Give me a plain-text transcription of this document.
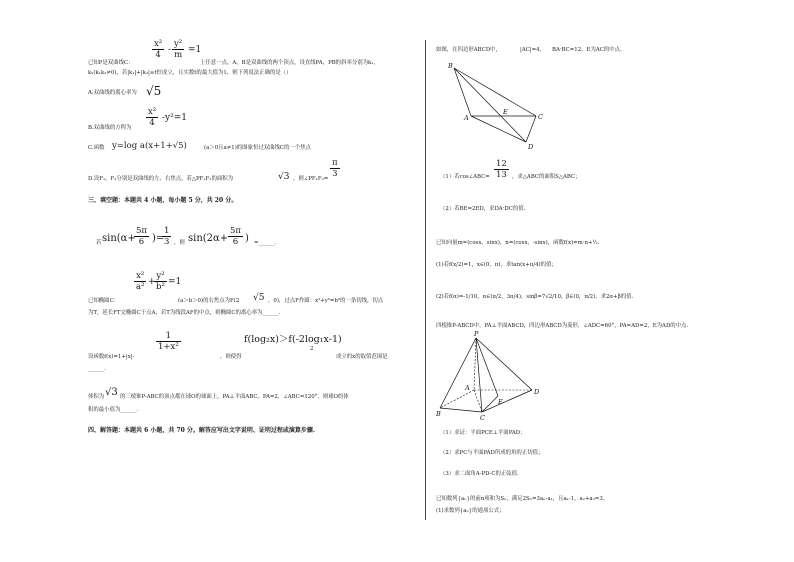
$\frac{\text{x²}}{4} - \frac{\text{y²}}{m} =1$
已知P是双曲线C：	上任意一点，A，B是双曲线的两个顶点，设直线PA，PB的斜率分别为k₁，
k₂(k₁k₂≠0)，若|k₁|+|k₂|≥t恒成立，且实数t的最大值为1，则下列说法正确的是（）
A.双曲线的离心率为 √5
$\frac{\text{x²}}{4} -y^2=1$
B.双曲线的方程为
C.函数 y=log a(x+1+√5)	(a＞0且a≠1)的图象恒过双曲线C的一个焦点
D.设F₁，F₂分别是双曲线的左、右焦点，若△PF₁F₂的面积为	√3 ，则∠PF₁F₂= $\frac{\pi}{3}$
三、填空题：本题共 4 小题，每小题 5 分，共 20 分。
若 sin(α+
$\frac{5\pi}{6}$ )=
$\frac{1}{3}$ ，则 $\sin(2\alpha+ \frac{5\pi}{6}$ ) =______.
$\frac{\text{x²}}{\text{a²}}$ +
$\frac{\text{y²}}{\text{b²}} =1$
已知椭圆C：	(a＞b＞0)的右焦点为F(2 √5 ，0)，过点F作圆：x²+y²=b²的一条切线，切点
为T，延长FT交椭圆C于点A，若T为线段AF的中点，则椭圆C的离心率为______.
$\frac{1}{\text{1+x²}}$	f(log₂x)＞f(-2log₁x-1)
2
设函数f(x)=1+|x|-	，则使得	成立的x的取值范围是
______.
体积为 √3 的三棱锥P-ABC的顶点都在球O的球面上，PA⊥平面ABC，PA=2，∠ABC=120°，则球O的体
积的最小值为______.
四、解答题：本题共 6 小题，共 70 分。解答应写出文字说明、证明过程或演算步骤.
如图，在四边形ABCD中，	|AC|=4， BA·BC=12，E为AC的中点.
B
A
E
C
D
（1）若cos∠ABC= $\frac{12}{13}$ ，求△ABC的面积S△ABC；
（2）若BE=2ED，求DA·DC的值.
已知向量m=(cosx，sinx)，n=(cosx，-sinx)，函数f(x)=m·n+½.
(1)若f(x/2)=1，x∈(0，π)，求tan(x+π/4)的值；
(2)若f(α)=-1/10，α∈(π/2，3π/4)，sinβ=7√2/10，β∈(0，π/2)，求2α+β的值.
四棱锥P-ABCD中，PA⊥平面ABCD，四边形ABCD为菱形，∠ADC=60°，PA=AD=2，E为AD的中点.
P
A
B	C
D
E
（1）求证：平面PCE⊥平面PAD；
（2）求PC与平面PAD所成的角的正切值；
（3）求二面角A-PD-C的正弦值.
已知数列{aₙ}的前n项和为Sₙ，满足2Sₙ=3aₙ-a₁，且a₁-1，a₂+a₃=3。
(1)求数列{aₙ}的通项公式；
